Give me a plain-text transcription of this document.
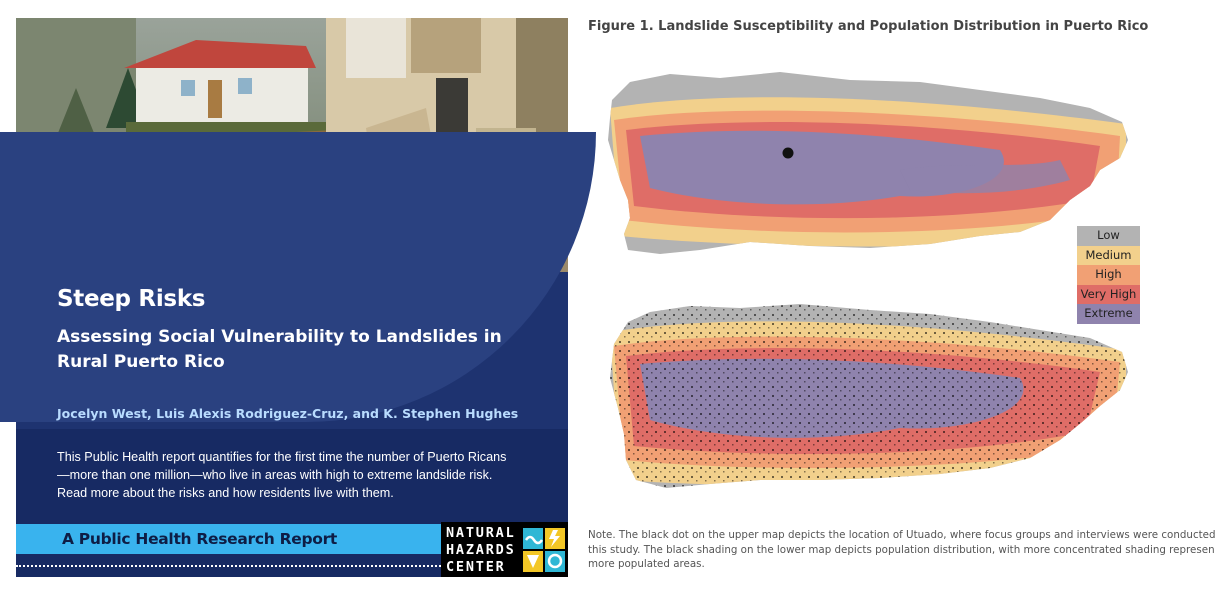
Steep Risks
Assessing Social Vulnerability to Landslides in Rural Puerto Rico
Jocelyn West, Luis Alexis Rodriguez-Cruz, and K. Stephen Hughes
This Public Health report quantifies for the first time the number of Puerto Ricans—more than one million—who live in areas with high to extreme landslide risk. Read more about the risks and how residents live with them.
A Public Health Research Report	NATURAL
HAZARDS
CENTER
Figure 1. Landslide Susceptibility and Population Distribution in Puerto Rico
Low
Medium
High
Very High
Extreme
Note. The black dot on the upper map depicts the location of Utuado, where focus groups and interviews were conducted
this study. The black shading on the lower map depicts population distribution, with more concentrated shading represen
more populated areas.
